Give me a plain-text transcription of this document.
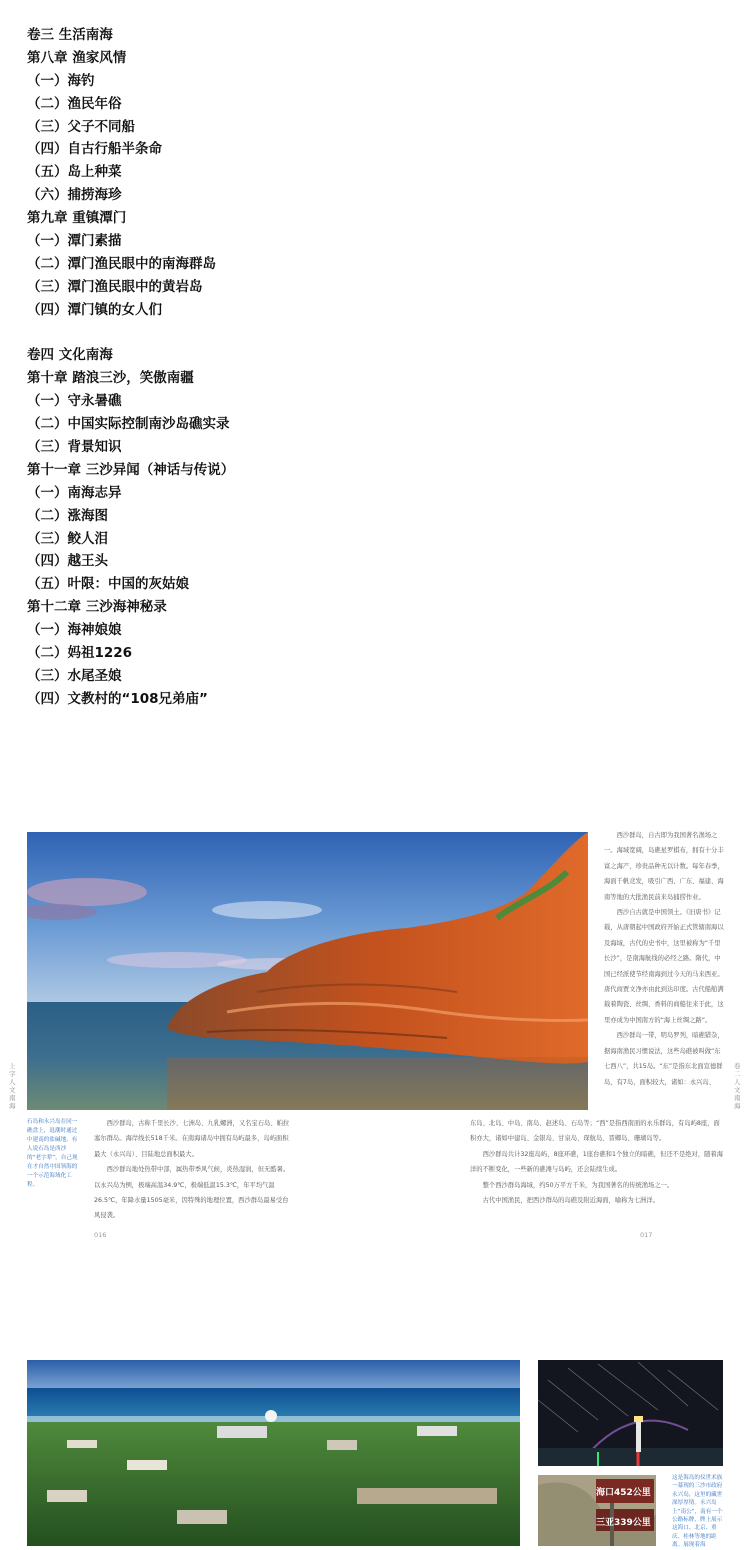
卷三 生活南海
第八章 渔家风情
（一）海钓
（二）渔民年俗
（三）父子不同船
（四）自古行船半条命
（五）岛上种菜
（六）捕捞海珍
第九章 重镇潭门
（一）潭门素描
（二）潭门渔民眼中的南海群岛
（三）潭门渔民眼中的黄岩岛
（四）潭门镇的女人们
卷四 文化南海
第十章 踏浪三沙，笑傲南疆
（一）守永暑礁
（二）中国实际控制南沙岛礁实录
（三）背景知识
第十一章 三沙异闻（神话与传说）
（一）南海志异
（二）涨海图
（三）鲛人泪
（四）越王头
（五）叶限：中国的灰姑娘
第十二章 三沙海神秘录
（一）海神娘娘
（二）妈祖1226
（三）水尾圣娘
（四）文教村的“108兄弟庙”
上 字 人文南海
卷 二 人文南海
石岛和永兴岛在同一礁盘上，退潮时通过中建南的盐碱地。有人说石岛是西沙的“老字辈”，自己现在才自然中国领海的一个示范海域化工程。

西沙群岛，自古即为我国著名渔场之一。海域宽阔，岛礁星罗棋布，拥有十分丰富之海产，珍贵品种无以计数。每年春季，海面千帆竞发，吸引广西、广东、福建、海南等地的大批渔民前来岛捕捞作业。

西沙自古就是中国领土。《旧唐书》记载，从唐朝起中国政府开始正式管辖南海以及海域，古代的史书中，这里被称为“千里长沙”，是南海航线的必经之路。隋代，中国已经派使节经南海到过今天的马来西亚。唐代商贾文净亦由此到达印度。古代船舶满载着陶瓷、丝绸、香料的商船往来于此，这里亦成为中国南方的“海上丝绸之路”。

西沙群岛一带，明岛罗列，暗礁错杂，据海南渔民习惯说法，这些岛礁被叫做“东七西八”，共15岛。“东”是指东北面宣德群岛，有7岛，面积较大，诸如：永兴岛、

西沙群岛，古称千里长沙、七洲岛、九乳螺洲，又名宝石岛、帕拉塞尔群岛。海岸线长518千米。在南海诸岛中拥有岛屿最多，岛屿面积最大（永兴岛）、目陆地总面积最大。

西沙群岛地处热带中部，属热带季风气候，炎热湿润，但无酷暑。以永兴岛为例，极端高温34.9℃，极端低温15.3℃，年平均气温26.5℃，年降水量1505毫米，因特殊的地理位置，西沙群岛最易受台风侵袭。

东岛、北岛、中岛、南岛、赵述岛、石岛等；“西”是指西南面的永乐群岛，有岛屿8座，面积亦大，诸如中建岛、金银岛、甘泉岛、琛航岛、晋卿岛、珊瑚岛等。

西沙群岛共计32座岛屿，8座环礁，1座台礁和1个独立的暗礁，但还不是绝对，随着海洋的不断变化，一些新的礁滩与岛屿，还会陆续生成。

整个西沙群岛海域，约50万平方千米，为我国著名的传统渔场之一。

古代中国渔民，把西沙群岛的岛礁及附近海面，喻称为七洲洋。

016	017
海口452公里
三亚339公里
这是海岛的仪世术族一幕现的三沙市政府永兴岛，这里的藏世深厚厚情。永兴岛上“南公”，南有一个公路标牌，牌上展示这海口、北京、重庆、桂林等地的距离。展现着海
